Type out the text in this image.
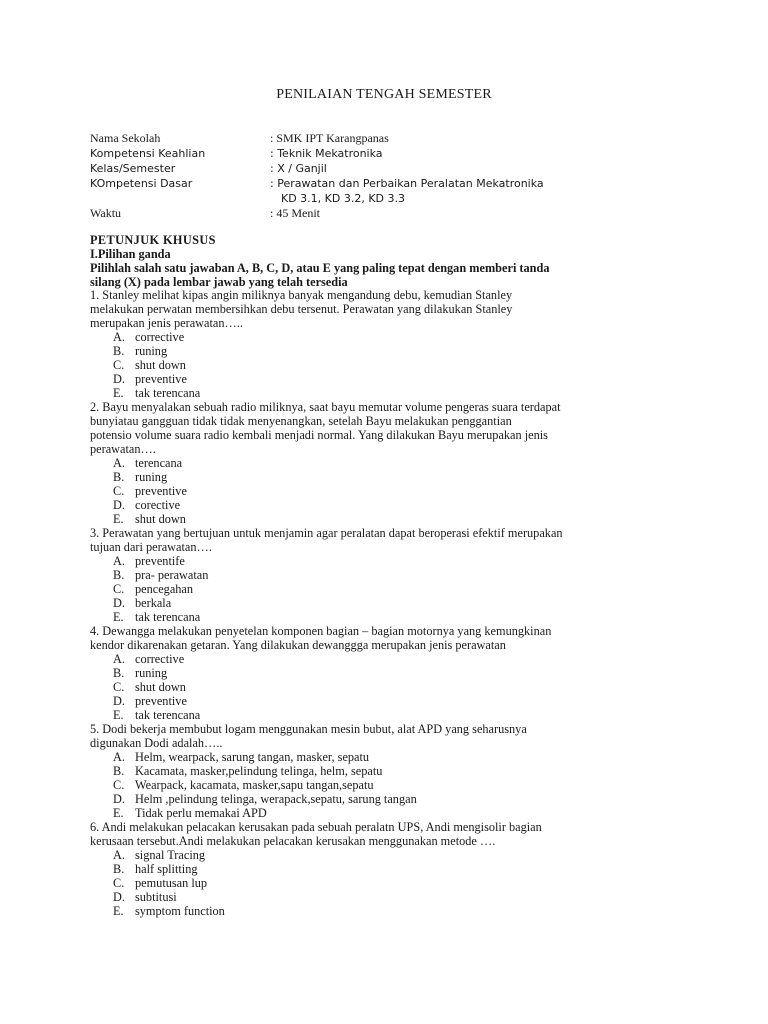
PENILAIAN TENGAH SEMESTER
Nama Sekolah	: SMK IPT Karangpanas
Kompetensi Keahlian	: Teknik Mekatronika
Kelas/Semester	: X / Ganjil
KOmpetensi Dasar	: Perawatan dan Perbaikan Peralatan Mekatronika
KD 3.1, KD 3.2, KD 3.3
Waktu	: 45 Menit
PETUNJUK KHUSUS
I.Pilihan ganda
Pilihlah salah satu jawaban A, B, C, D, atau E yang paling tepat dengan memberi tanda
silang (X) pada lembar jawab yang telah tersedia
1. Stanley melihat kipas angin miliknya banyak mengandung debu, kemudian Stanley
melakukan perwatan membersihkan debu tersenut. Perawatan yang dilakukan Stanley
merupakan jenis perawatan…..
A. corrective
B. runing
C. shut down
D. preventive
E. tak terencana
2. Bayu menyalakan sebuah radio miliknya, saat bayu memutar volume pengeras suara terdapat
bunyiatau gangguan tidak tidak menyenangkan, setelah Bayu melakukan penggantian
potensio volume suara radio kembali menjadi normal. Yang dilakukan Bayu merupakan jenis
perawatan….
A. terencana
B. runing
C. preventive
D. corective
E. shut down
3. Perawatan yang bertujuan untuk menjamin agar peralatan dapat beroperasi efektif merupakan
tujuan dari perawatan….
A. preventife
B. pra- perawatan
C. pencegahan
D. berkala
E. tak terencana
4. Dewangga melakukan penyetelan komponen bagian – bagian motornya yang kemungkinan
kendor dikarenakan getaran. Yang dilakukan dewanggga merupakan jenis perawatan
A. corrective
B. runing
C. shut down
D. preventive
E. tak terencana
5. Dodi bekerja membubut logam menggunakan mesin bubut, alat APD yang seharusnya
digunakan Dodi adalah…..
A. Helm, wearpack, sarung tangan, masker, sepatu
B. Kacamata, masker,pelindung telinga, helm, sepatu
C. Wearpack, kacamata, masker,sapu tangan,sepatu
D. Helm ,pelindung telinga, werapack,sepatu, sarung tangan
E. Tidak perlu memakai APD
6. Andi melakukan pelacakan kerusakan pada sebuah peralatn UPS, Andi mengisolir bagian
kerusaan tersebut.Andi melakukan pelacakan kerusakan menggunakan metode ….
A. signal Tracing
B. half splitting
C. pemutusan lup
D. subtitusi
E. symptom function
